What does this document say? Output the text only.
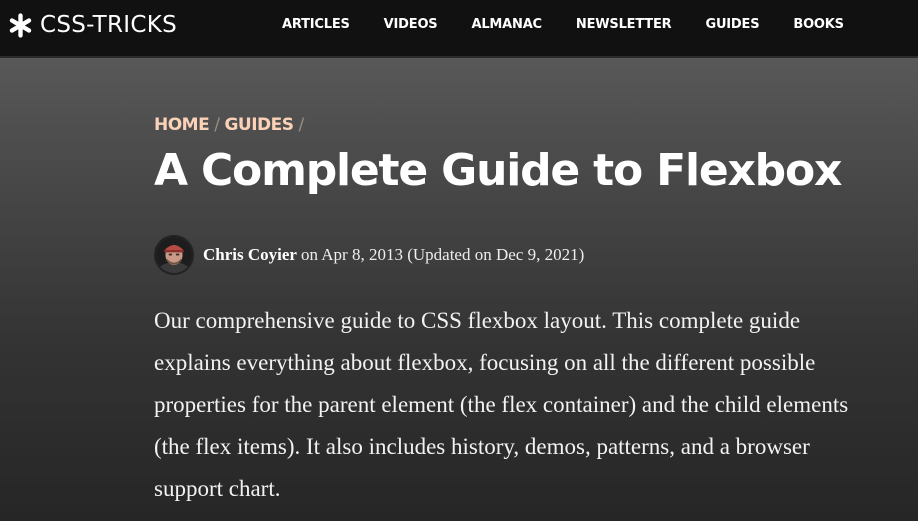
CSS-TRICKS	ARTICLES	VIDEOS	ALMANAC	NEWSLETTER	GUIDES	BOOKS
HOME / GUIDES /
A Complete Guide to Flexbox
Chris Coyier on Apr 8, 2013 (Updated on Dec 9, 2021)

Our comprehensive guide to CSS flexbox layout. This complete guide explains everything about flexbox, focusing on all the different possible properties for the parent element (the flex container) and the child elements (the flex items). It also includes history, demos, patterns, and a browser support chart.
